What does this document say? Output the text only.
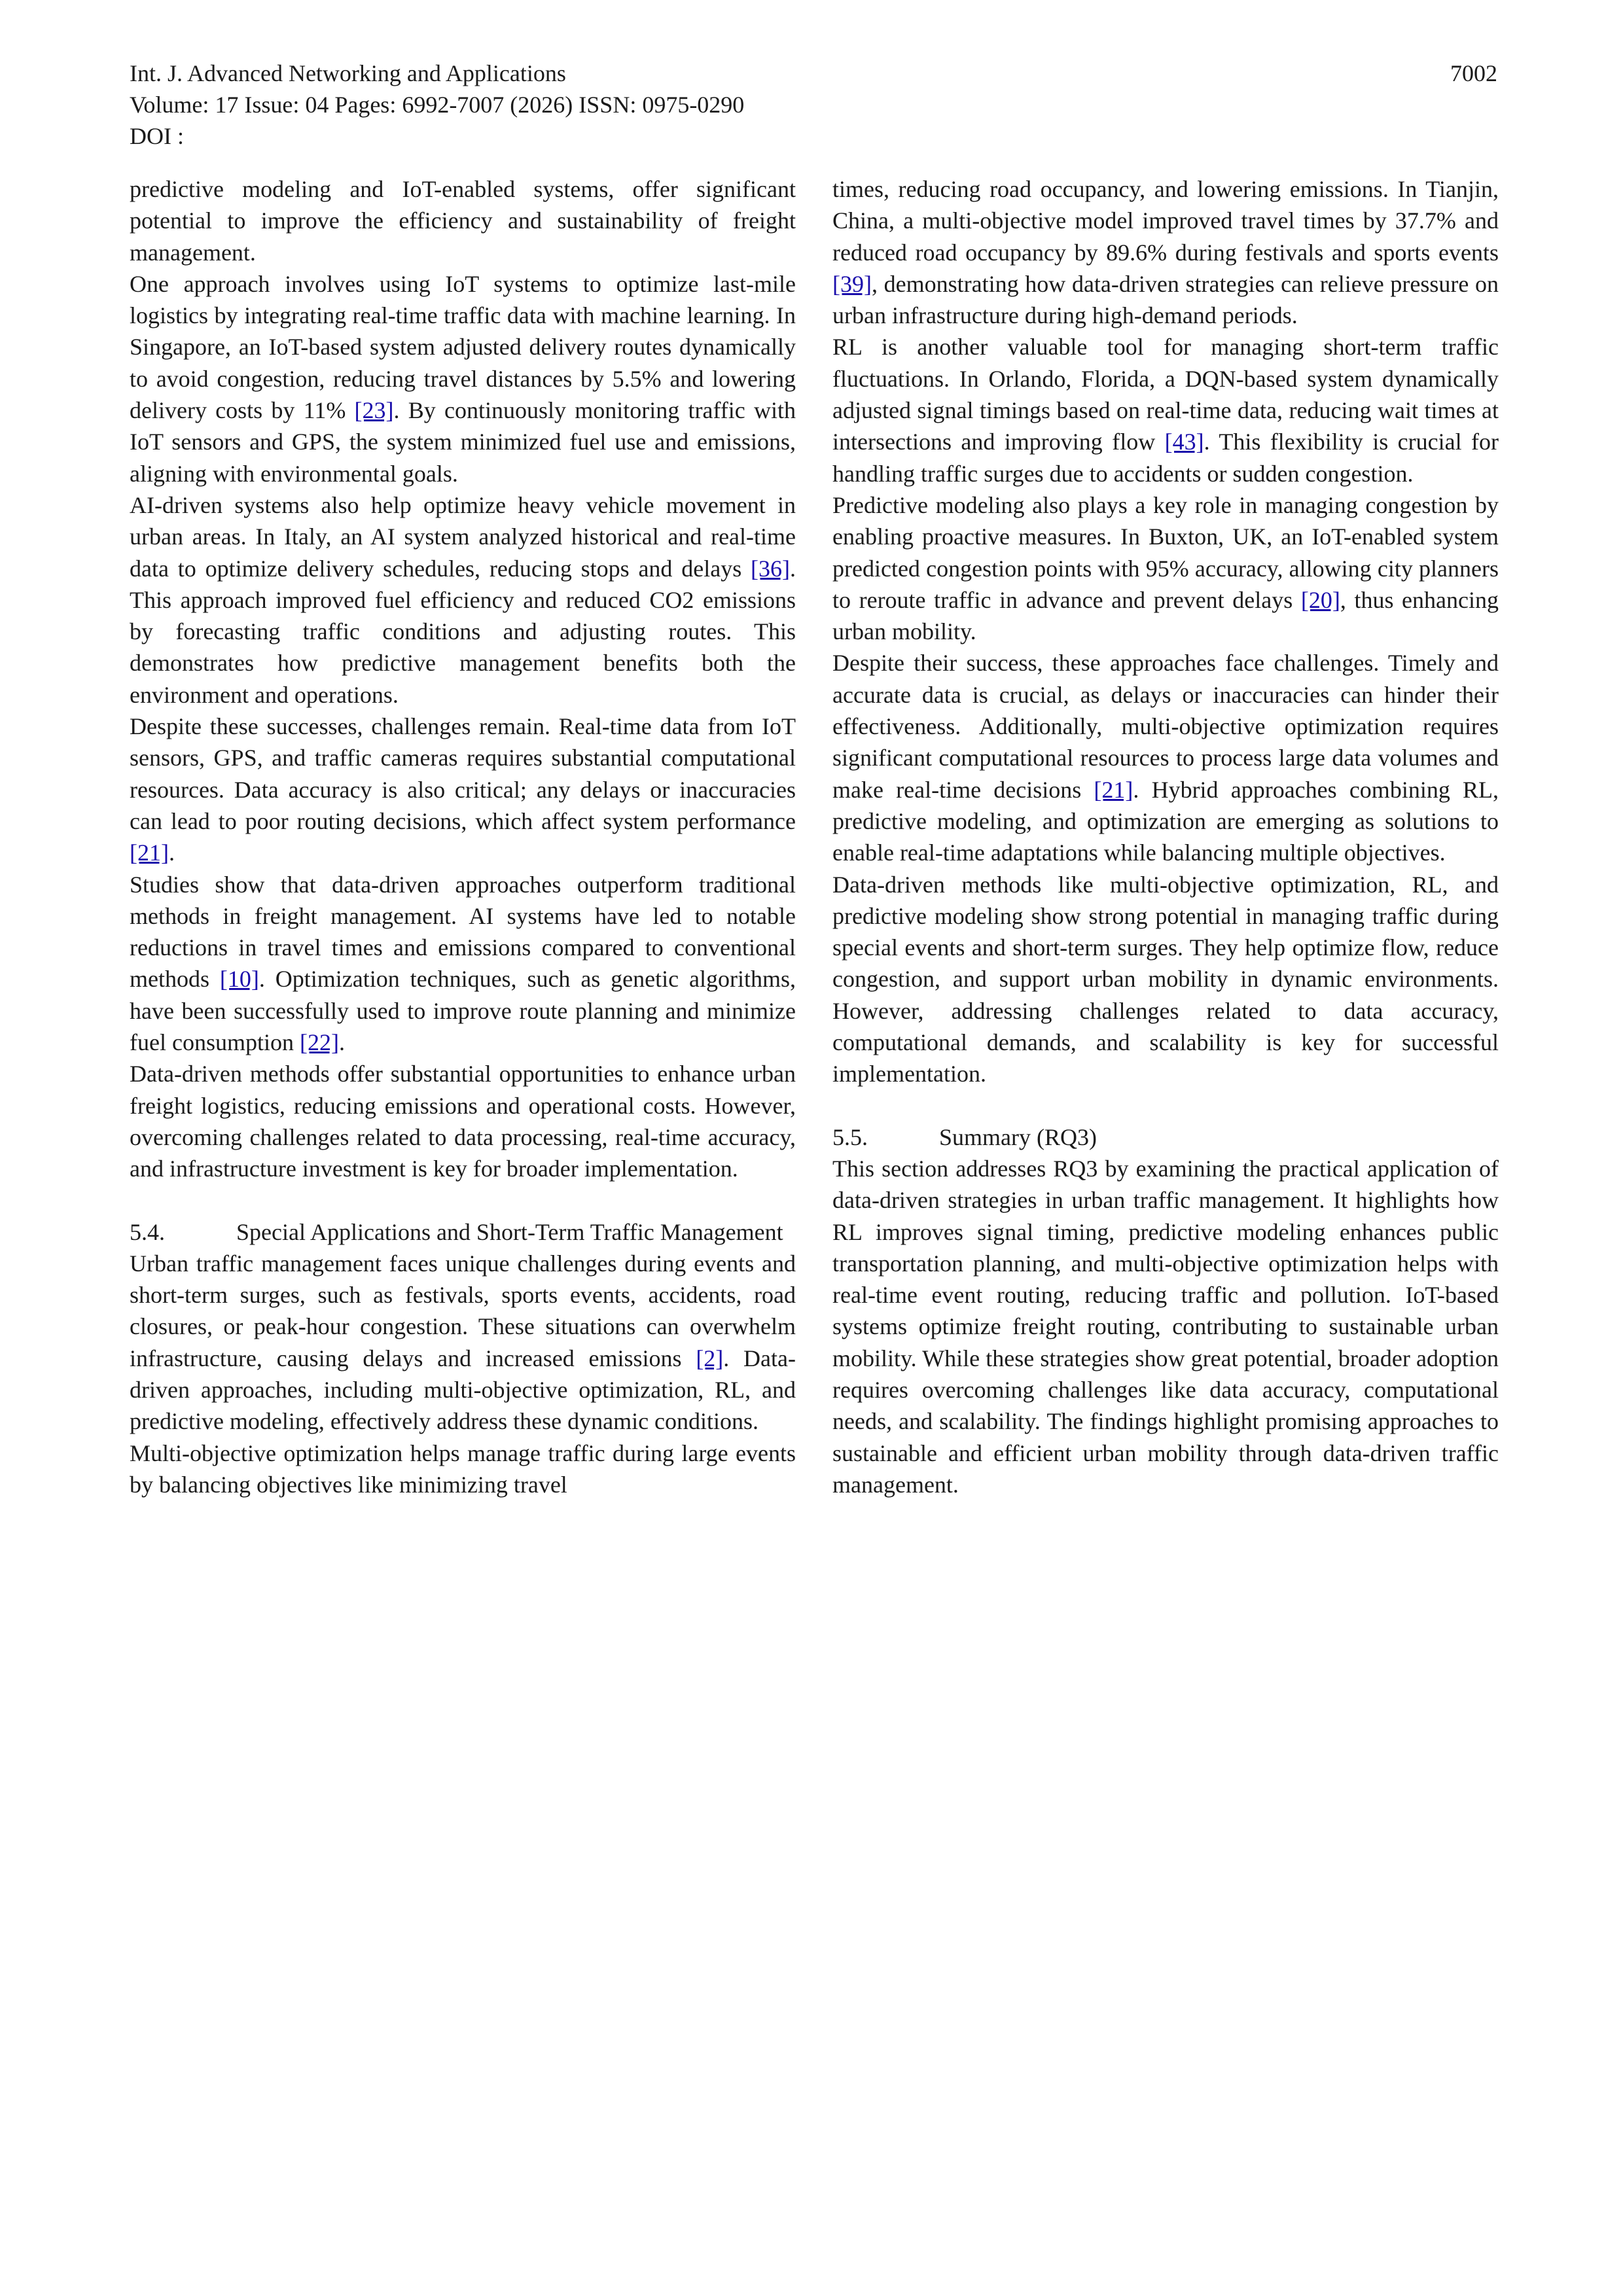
Int. J. Advanced Networking and Applications
Volume: 17 Issue: 04 Pages: 6992-7007 (2026) ISSN: 0975-0290
DOI :
7002

predictive modeling and IoT-enabled systems, offer significant potential to improve the efficiency and sustainability of freight management.

One approach involves using IoT systems to optimize last-mile logistics by integrating real-time traffic data with machine learning. In Singapore, an IoT-based system adjusted delivery routes dynamically to avoid congestion, reducing travel distances by 5.5% and lowering delivery costs by 11% [23]. By continuously monitoring traffic with IoT sensors and GPS, the system minimized fuel use and emissions, aligning with environmental goals.

AI-driven systems also help optimize heavy vehicle movement in urban areas. In Italy, an AI system analyzed historical and real-time data to optimize delivery schedules, reducing stops and delays [36]. This approach improved fuel efficiency and reduced CO2 emissions by forecasting traffic conditions and adjusting routes. This demonstrates how predictive management benefits both the environment and operations.

Despite these successes, challenges remain. Real-time data from IoT sensors, GPS, and traffic cameras requires substantial computational resources. Data accuracy is also critical; any delays or inaccuracies can lead to poor routing decisions, which affect system performance [21].

Studies show that data-driven approaches outperform traditional methods in freight management. AI systems have led to notable reductions in travel times and emissions compared to conventional methods [10]. Optimization techniques, such as genetic algorithms, have been successfully used to improve route planning and minimize fuel consumption [22].

Data-driven methods offer substantial opportunities to enhance urban freight logistics, reducing emissions and operational costs. However, overcoming challenges related to data processing, real-time accuracy, and infrastructure investment is key for broader implementation.

5.4.	Special Applications and Short-Term Traffic Management

Urban traffic management faces unique challenges during events and short-term surges, such as festivals, sports events, accidents, road closures, or peak-hour congestion. These situations can overwhelm infrastructure, causing delays and increased emissions [2]. Data-driven approaches, including multi-objective optimization, RL, and predictive modeling, effectively address these dynamic conditions.

Multi-objective optimization helps manage traffic during large events by balancing objectives like minimizing travel

times, reducing road occupancy, and lowering emissions. In Tianjin, China, a multi-objective model improved travel times by 37.7% and reduced road occupancy by 89.6% during festivals and sports events [39], demonstrating how data-driven strategies can relieve pressure on urban infrastructure during high-demand periods.

RL is another valuable tool for managing short-term traffic fluctuations. In Orlando, Florida, a DQN-based system dynamically adjusted signal timings based on real-time data, reducing wait times at intersections and improving flow [43]. This flexibility is crucial for handling traffic surges due to accidents or sudden congestion.

Predictive modeling also plays a key role in managing congestion by enabling proactive measures. In Buxton, UK, an IoT-enabled system predicted congestion points with 95% accuracy, allowing city planners to reroute traffic in advance and prevent delays [20], thus enhancing urban mobility.

Despite their success, these approaches face challenges. Timely and accurate data is crucial, as delays or inaccuracies can hinder their effectiveness. Additionally, multi-objective optimization requires significant computational resources to process large data volumes and make real-time decisions [21]. Hybrid approaches combining RL, predictive modeling, and optimization are emerging as solutions to enable real-time adaptations while balancing multiple objectives.

Data-driven methods like multi-objective optimization, RL, and predictive modeling show strong potential in managing traffic during special events and short-term surges. They help optimize flow, reduce congestion, and support urban mobility in dynamic environments. However, addressing challenges related to data accuracy, computational demands, and scalability is key for successful implementation.

5.5.	Summary (RQ3)

This section addresses RQ3 by examining the practical application of data-driven strategies in urban traffic management. It highlights how RL improves signal timing, predictive modeling enhances public transportation planning, and multi-objective optimization helps with real-time event routing, reducing traffic and pollution. IoT-based systems optimize freight routing, contributing to sustainable urban mobility. While these strategies show great potential, broader adoption requires overcoming challenges like data accuracy, computational needs, and scalability. The findings highlight promising approaches to sustainable and efficient urban mobility through data-driven traffic management.
